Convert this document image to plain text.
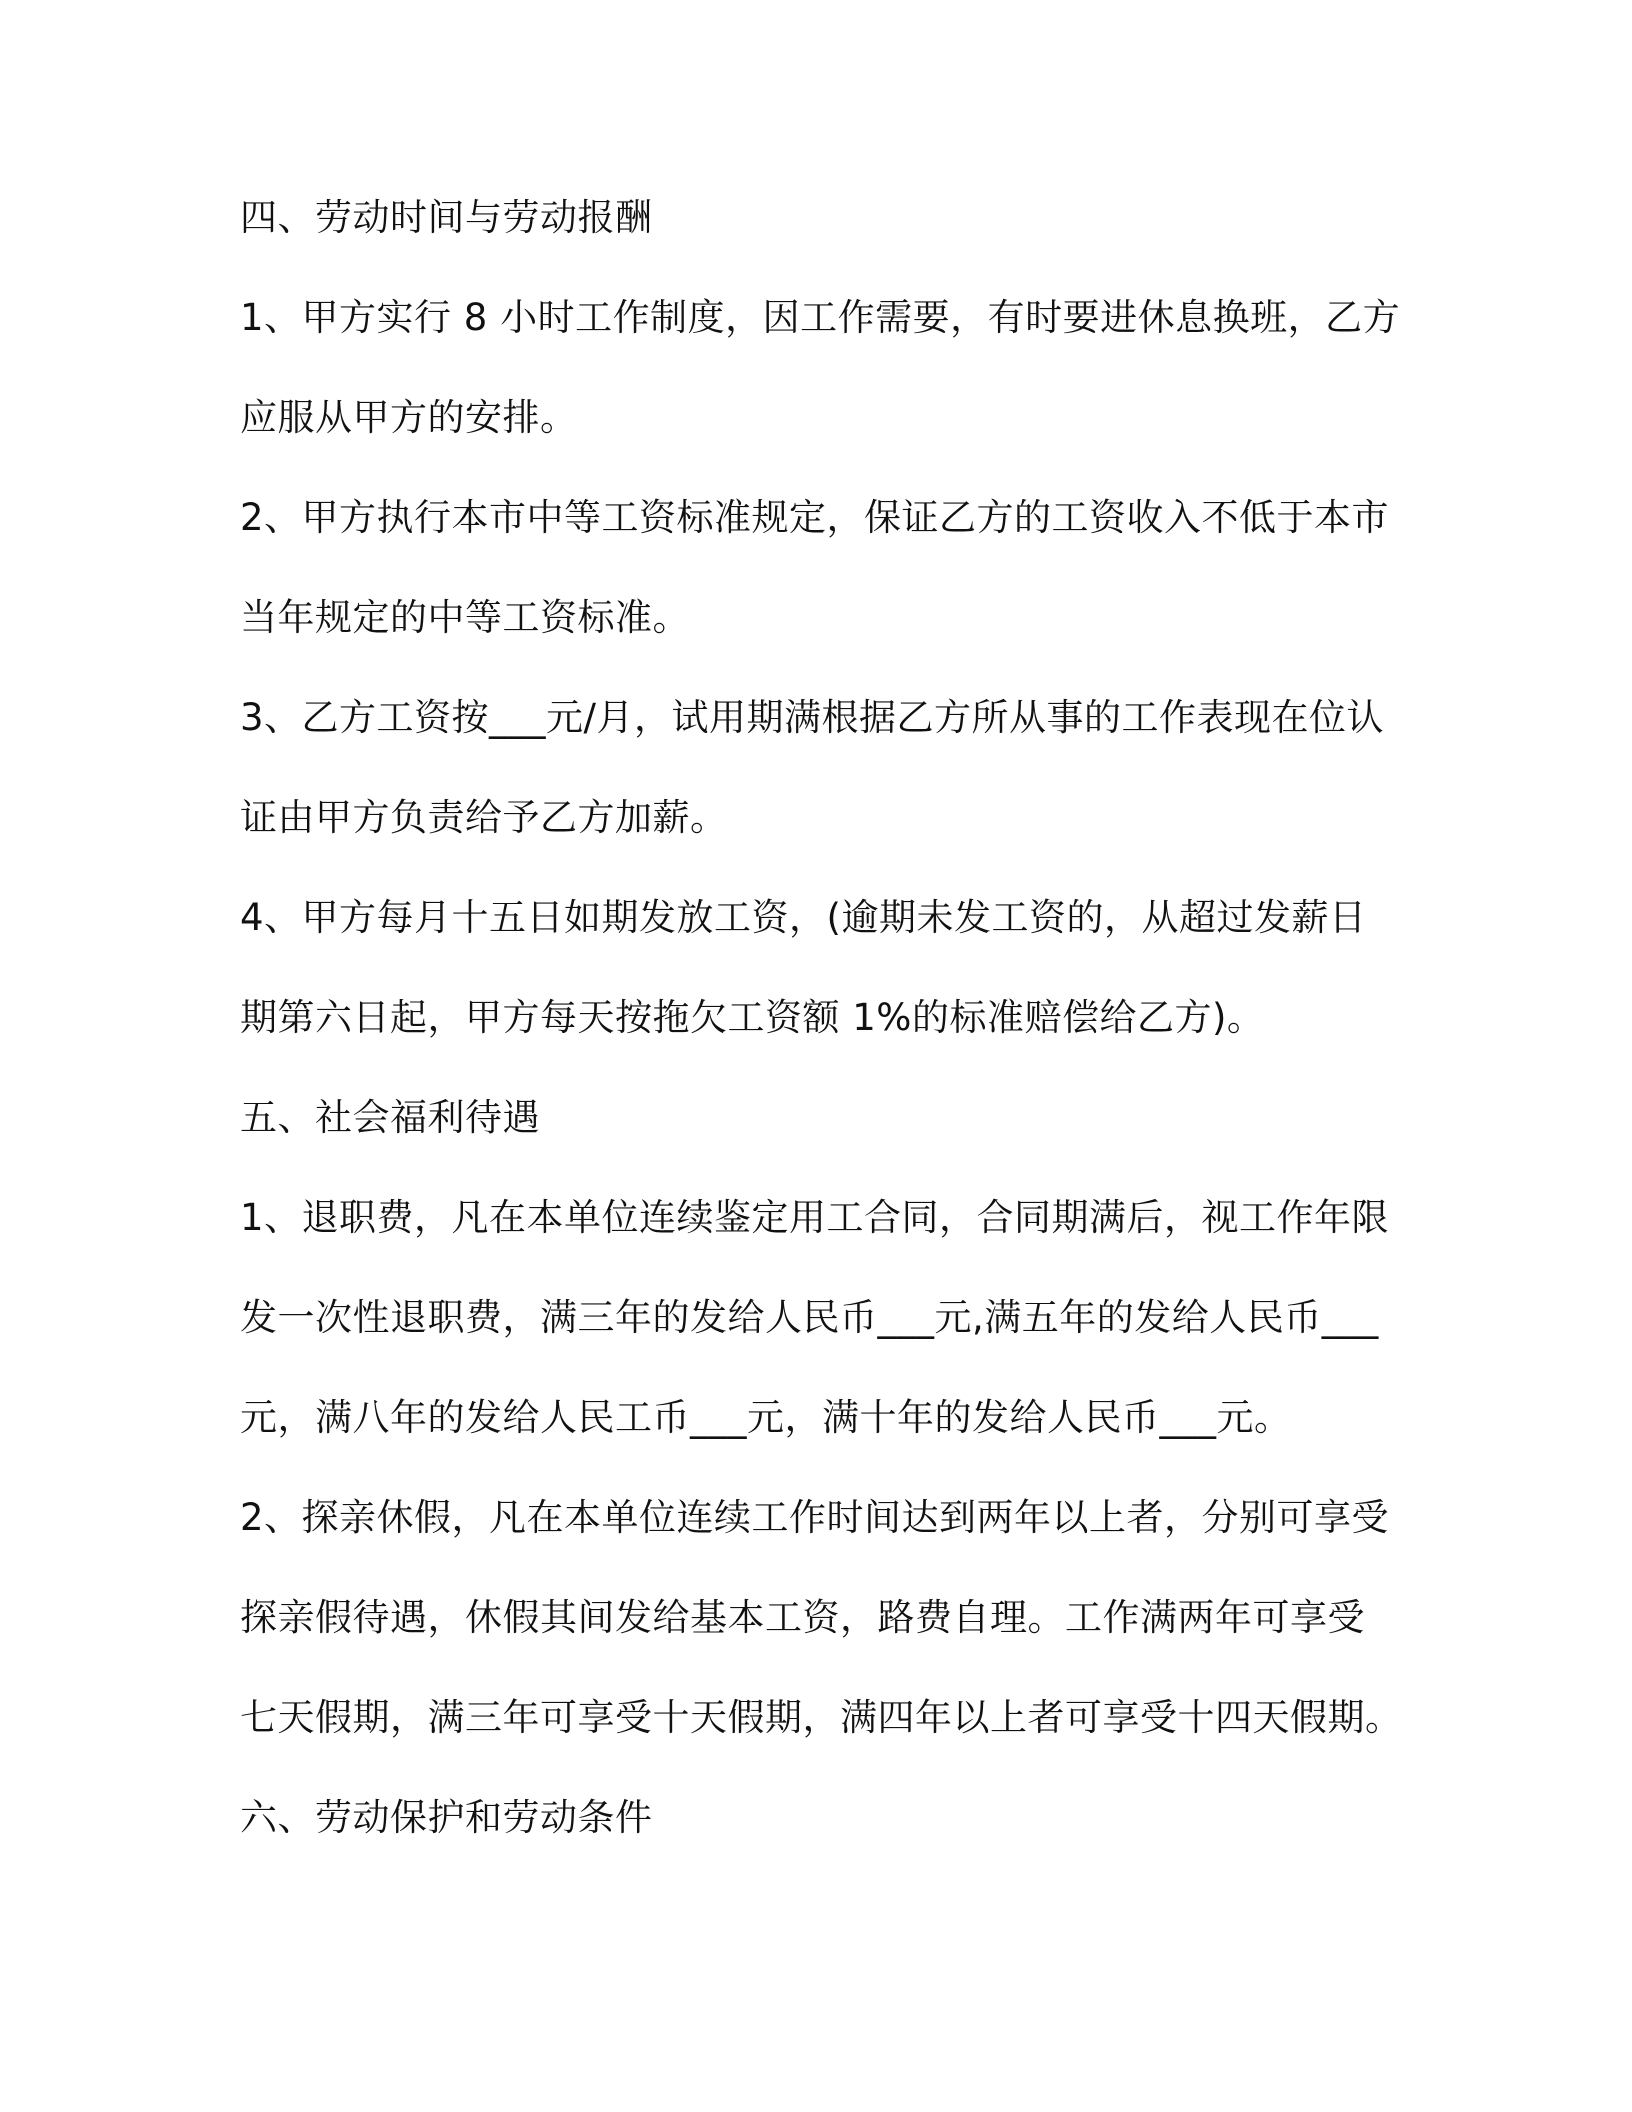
四、劳动时间与劳动报酬
1、甲方实行 8 小时工作制度，因工作需要，有时要进休息换班，乙方
应服从甲方的安排。
2、甲方执行本市中等工资标准规定，保证乙方的工资收入不低于本市
当年规定的中等工资标准。
3、乙方工资按___元/月，试用期满根据乙方所从事的工作表现在位认
证由甲方负责给予乙方加薪。
4、甲方每月十五日如期发放工资，(逾期未发工资的，从超过发薪日
期第六日起，甲方每天按拖欠工资额 1%的标准赔偿给乙方)。
五、社会福利待遇
1、退职费，凡在本单位连续鉴定用工合同，合同期满后，视工作年限
发一次性退职费，满三年的发给人民币___元,满五年的发给人民币___
元，满八年的发给人民工币___元，满十年的发给人民币___元。
2、探亲休假，凡在本单位连续工作时间达到两年以上者，分别可享受
探亲假待遇，休假其间发给基本工资，路费自理。工作满两年可享受
七天假期，满三年可享受十天假期，满四年以上者可享受十四天假期。
六、劳动保护和劳动条件
